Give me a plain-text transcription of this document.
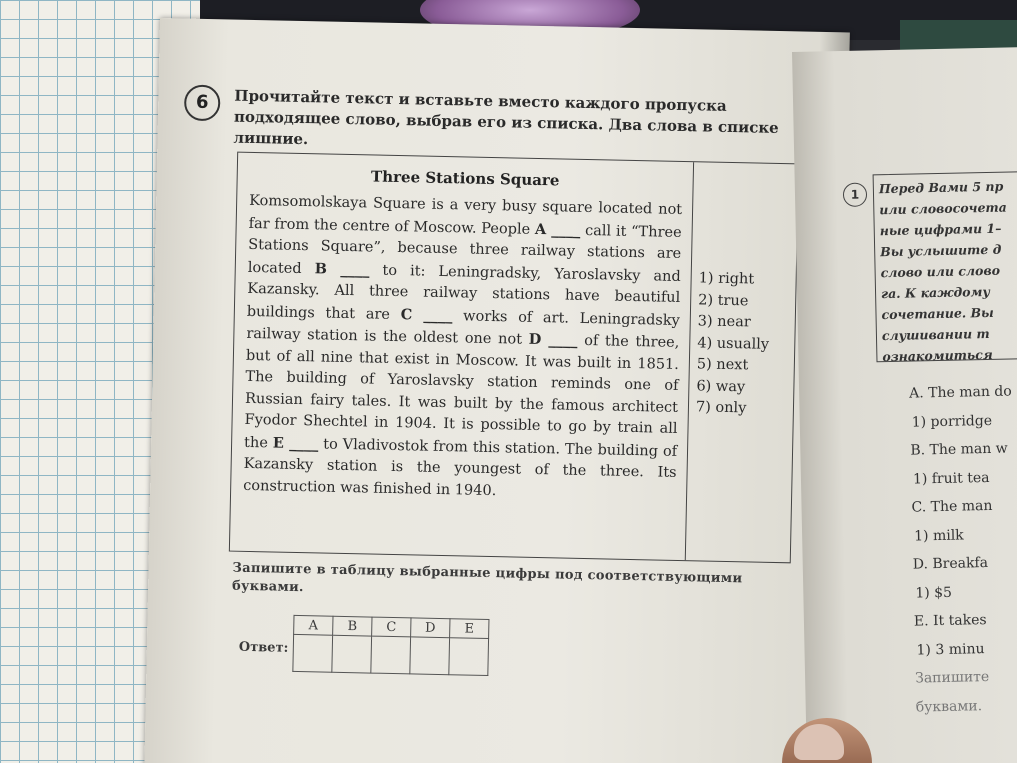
6	Прочитайте текст и вставьте вместо каждого пропуска подходящее слово, выбрав его из списка. Два слова в списке лишние.
Three Stations Square
Komsomolskaya Square is a very busy square located not far from the centre of Moscow. People A ____ call it “Three Stations Square”, because three railway stations are located B ____ to it: Leningradsky, Yaroslavsky and Kazansky. All three railway stations have beautiful buildings that are C ____ works of art. Leningradsky railway station is the oldest one not D ____ of the three, but of all nine that exist in Moscow. It was built in 1851. The building of Yaroslavsky station reminds one of Russian fairy tales. It was built by the famous architect Fyodor Shechtel in 1904. It is possible to go by train all the E ____ to Vladivostok from this station. The building of Kazansky station is the youngest of the three. Its construction was finished in 1940.
1) right
2) true
3) near
4) usually
5) next
6) way
7) only
Запишите в таблицу выбранные цифры под соответствующими буквами.
Ответ:
A	B	C	D	E

1	Перед Вами 5 пр
или словосочета
ные цифрами 1–
Вы услышите д
слово или слово
га. К каждому
сочетание. Вы
слушивании т
ознакомиться
A. The man do
1) porridge
B. The man w
1) fruit tea
C. The man
1) milk
D. Breakfa
1) $5
E. It takes
1) 3 minu
Запишите
буквами.
